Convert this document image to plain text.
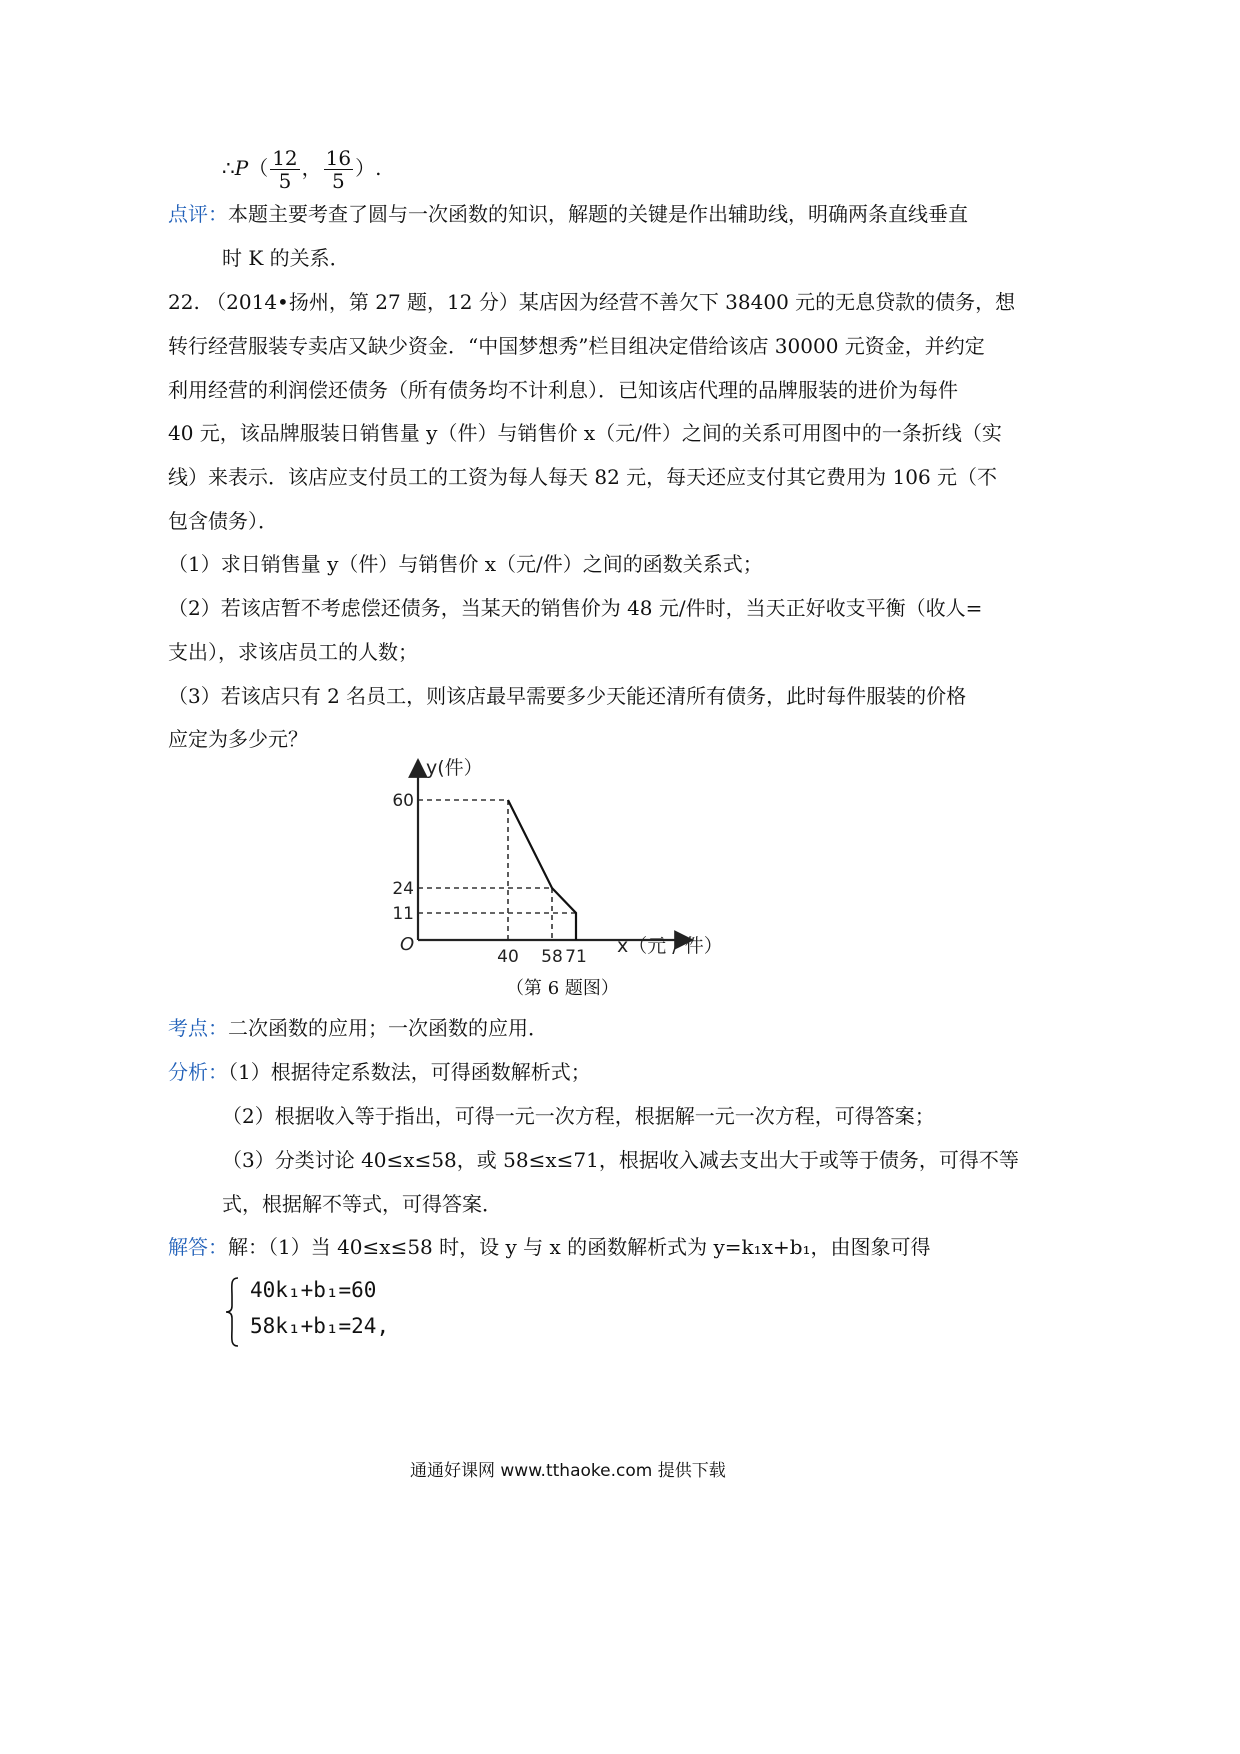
∴P（ $\frac{12}{5}$ ， $\frac{16}{5}$ ）.
点评：本题主要考查了圆与一次函数的知识，解题的关键是作出辅助线，明确两条直线垂直
时 K 的关系．
22. （2014•扬州，第 27 题，12 分）某店因为经营不善欠下 38400 元的无息贷款的债务，想
转行经营服装专卖店又缺少资金．“中国梦想秀”栏目组决定借给该店 30000 元资金，并约定
利用经营的利润偿还债务（所有债务均不计利息）．已知该店代理的品牌服装的进价为每件
40 元，该品牌服装日销售量 y（件）与销售价 x（元/件）之间的关系可用图中的一条折线（实
线）来表示．该店应支付员工的工资为每人每天 82 元，每天还应支付其它费用为 106 元（不
包含债务）．
（1）求日销售量 y（件）与销售价 x（元/件）之间的函数关系式；
（2）若该店暂不考虑偿还债务，当某天的销售价为 48 元/件时，当天正好收支平衡（收人=
支出），求该店员工的人数；
（3）若该店只有 2 名员工，则该店最早需要多少天能还清所有债务，此时每件服装的价格
应定为多少元？
40 58 71
60
24
11
y(件）
x（元 / 件）
O
（第 6 题图）
考点：二次函数的应用；一次函数的应用．
分析：（1）根据待定系数法，可得函数解析式；
（2）根据收入等于指出，可得一元一次方程，根据解一元一次方程，可得答案；
（3）分类讨论 40≤x≤58，或 58≤x≤71，根据收入减去支出大于或等于债务，可得不等
式，根据解不等式，可得答案．
解答：解：（1）当 40≤x≤58 时，设 y 与 x 的函数解析式为 y=k₁x+b₁，由图象可得
40k₁+b₁=60
58k₁+b₁=24,
通通好课网 www.tthaoke.com 提供下载
